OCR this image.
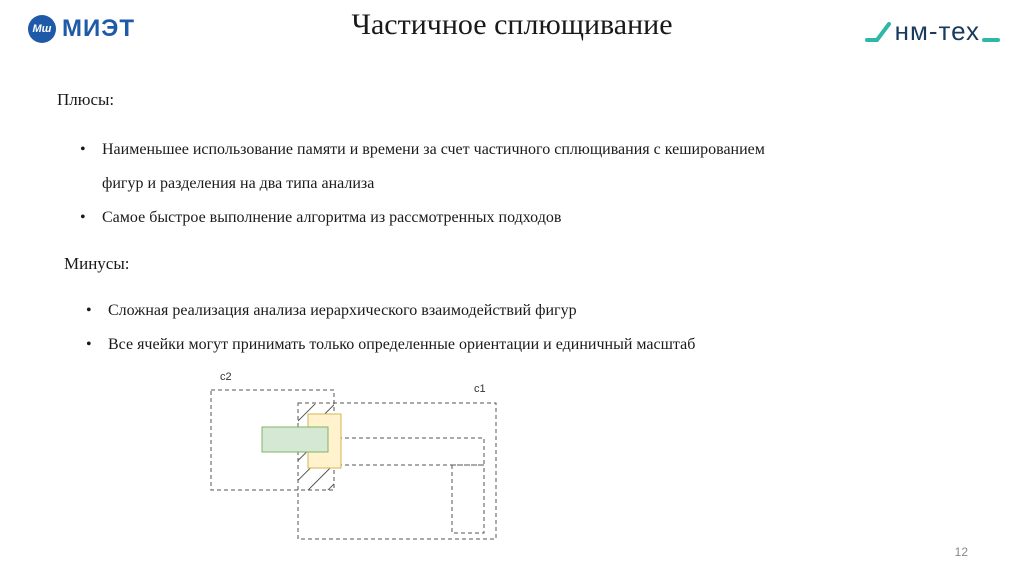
Мш МИЭТ	Частичное сплющивание	нм-тех
Плюсы:
• Наименьшее использование памяти и времени за счет частичного сплющивания с кешированием
фигур и разделения на два типа анализа
• Самое быстрое выполнение алгоритма из рассмотренных подходов
Минусы:
• Сложная реализация анализа иерархического взаимодействий фигур
• Все ячейки могут принимать только определенные ориентации и единичный масштаб
c2
c1
12
